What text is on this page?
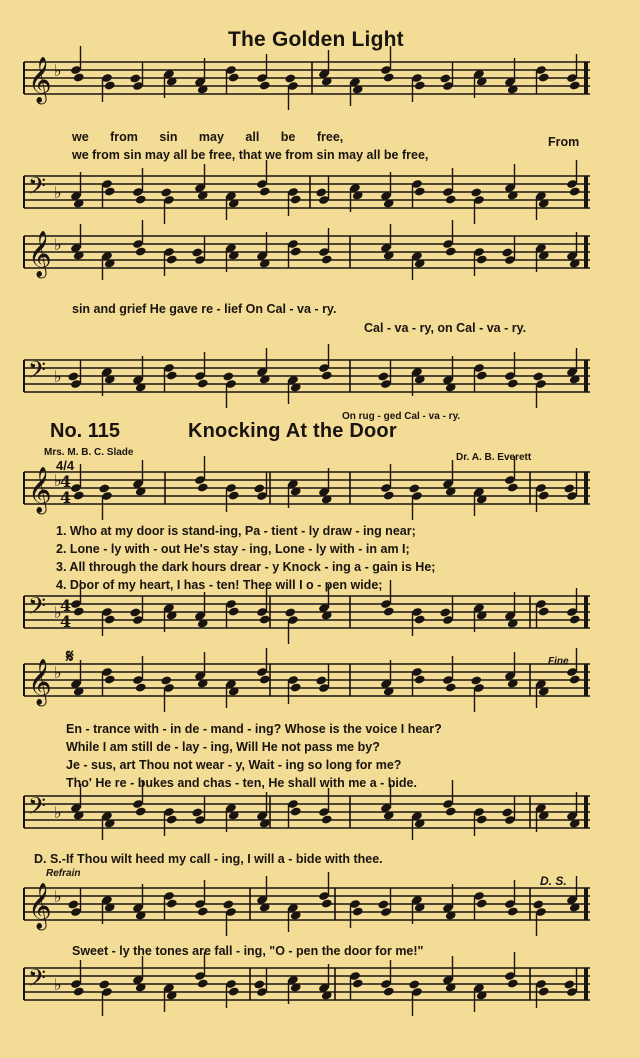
𝄞 ♭
𝄢 ♭
𝄞 ♭
𝄢 ♭
𝄞 ♭
𝄢 ♭
𝄞 ♭
𝄢 ♭
𝄞 ♭
𝄢 ♭
4
4
4
4
𝄋
The Golden Light
we from sin may all be free,	From
we from sin may all be free, that we from sin may all be free,
sin and grief He gave re - lief On Cal - va - ry.
Cal - va - ry, on Cal - va - ry.
On rug - ged Cal - va - ry.
No. 115	Knocking At the Door
Mrs. M. B. C. Slade	Dr. A. B. Everett
4/4
1. Who at my door is stand-ing, Pa - tient - ly draw - ing near;
2. Lone - ly with - out He's stay - ing, Lone - ly with - in am I;
3. All through the dark hours drear - y Knock - ing a - gain is He;
4. Door of my heart, I has - ten! Thee will I o - pen wide;
Fine
En - trance with - in de - mand - ing? Whose is the voice I hear?
While I am still de - lay - ing, Will He not pass me by?
Je - sus, art Thou not wear - y, Wait - ing so long for me?
Tho' He re - bukes and chas - ten, He shall with me a - bide.
D. S.-If Thou wilt heed my call - ing, I will a - bide with thee.
Refrain
D. S.
Sweet - ly the tones are fall - ing, "O - pen the door for me!"
